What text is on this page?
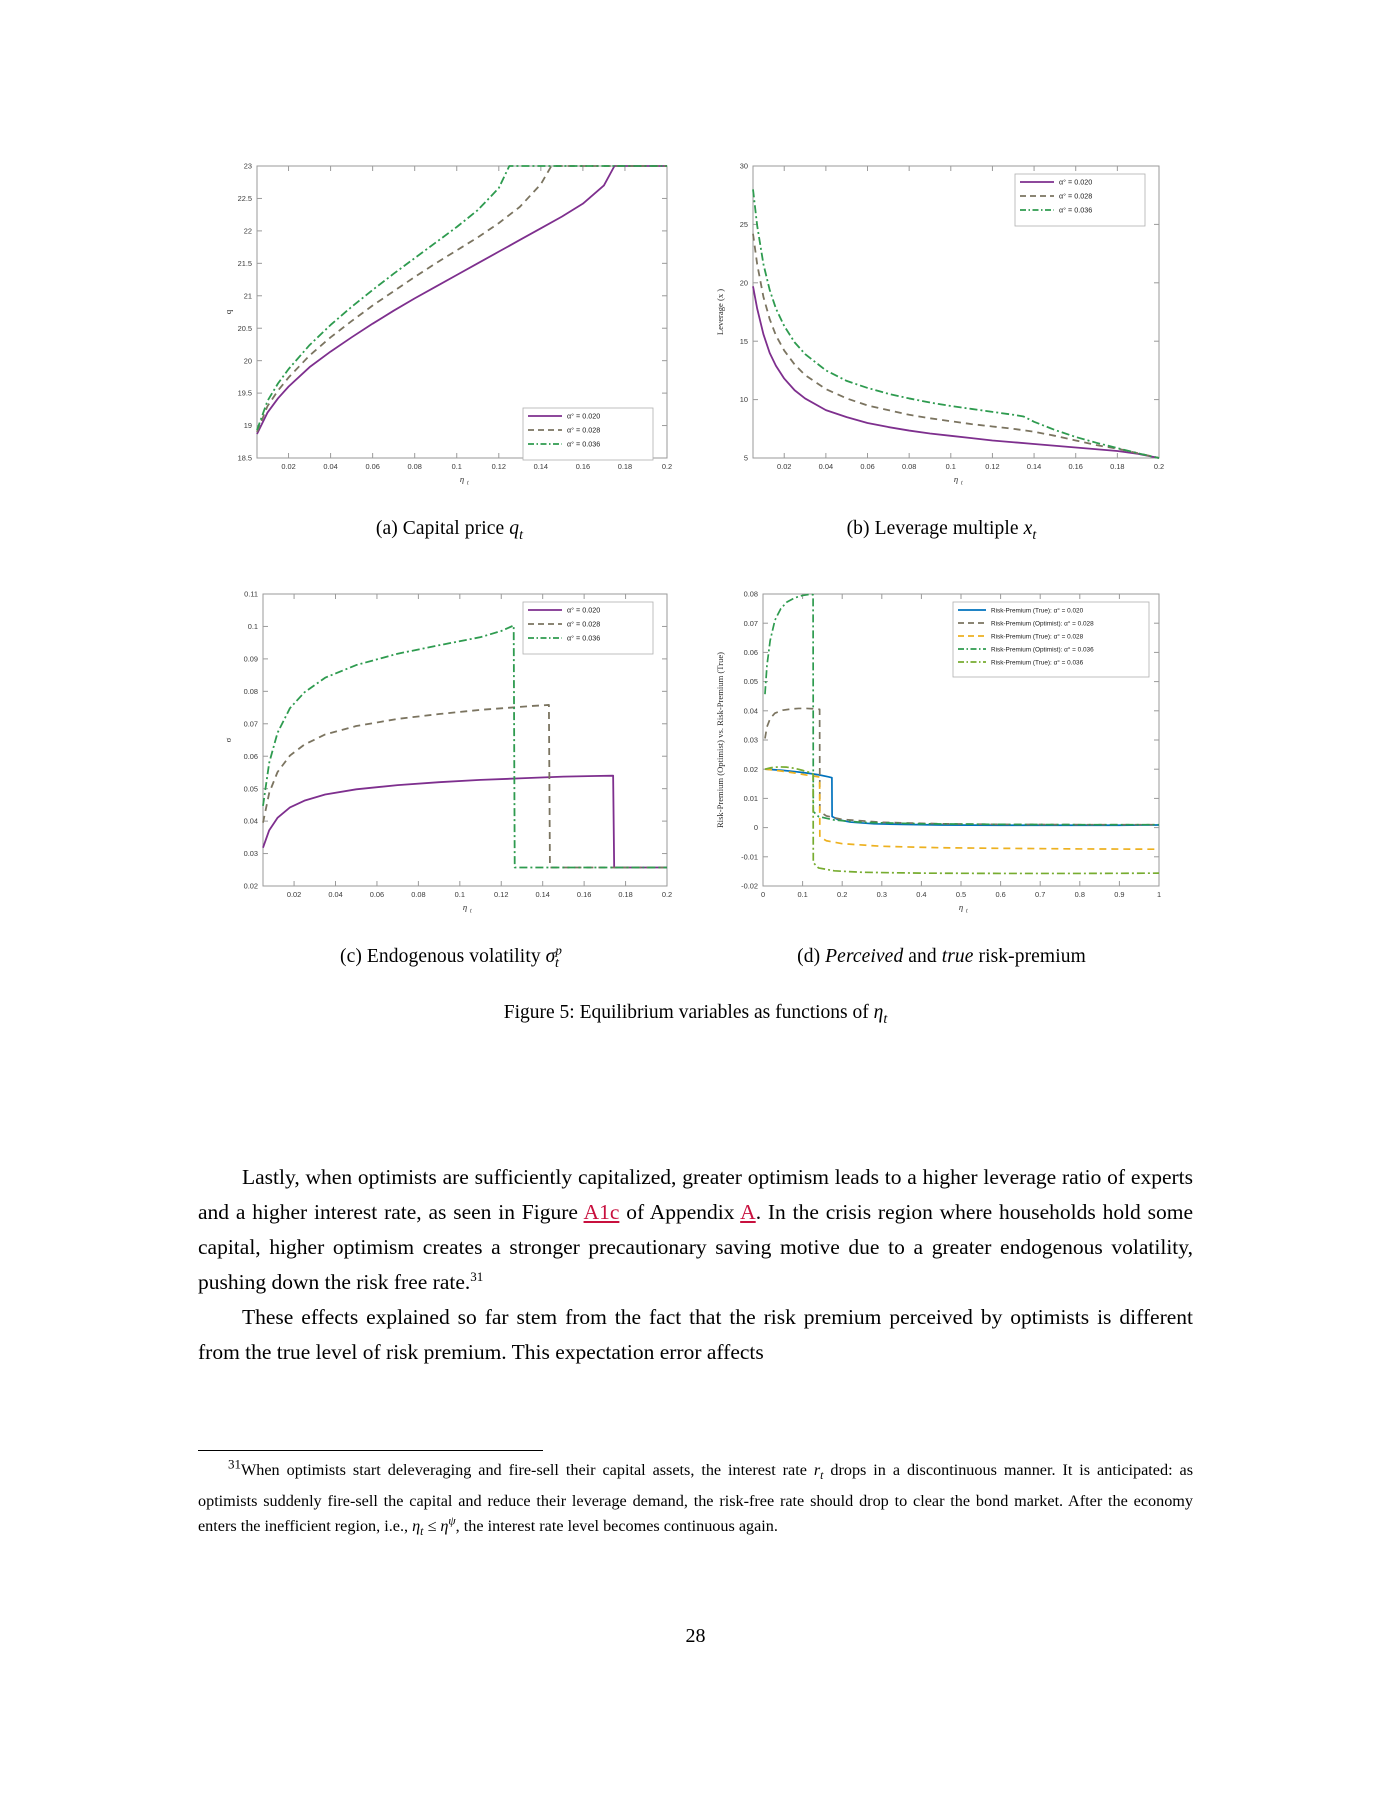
0.02	0.04	0.06	0.08	0.1	0.12	0.14	0.16	0.18	0.2
18.5
19
19.5
20
20.5
21
21.5
22
22.5
23
η t
q
α° = 0.020
α° = 0.028
α° = 0.036
(a) Capital price $q_t$
0.02	0.04	0.06	0.08	0.1	0.12	0.14	0.16	0.18	0.2
5
10
15
20
25
30
η t
Leverage (x )
α° = 0.020
α° = 0.028
α° = 0.036
(b) Leverage multiple $x_t$
0.02	0.04	0.06	0.08	0.1	0.12	0.14	0.16	0.18	0.2
0.02
0.03
0.04
0.05
0.06
0.07
0.08
0.09
0.1
0.11
η t
σ
α° = 0.020
α° = 0.028
α° = 0.036
(c) Endogenous volatility $\sigma^p_t$
0	0.1	0.2	0.3	0.4	0.5	0.6	0.7	0.8	0.9	1
-0.02
-0.01
0
0.01
0.02
0.03
0.04
0.05
0.06
0.07
0.08
η t
Risk-Premium (Optimist) vs. Risk-Premium (True)
Risk-Premium (True): α° = 0.020
Risk-Premium (Optimist): α° = 0.028
Risk-Premium (True): α° = 0.028
Risk-Premium (Optimist): α° = 0.036
Risk-Premium (True): α° = 0.036
(d) Perceived and true risk-premium
Figure 5: Equilibrium variables as functions of $\eta_t$

Lastly, when optimists are sufficiently capitalized, greater optimism leads to a higher leverage ratio of experts and a higher interest rate, as seen in Figure A1c of Appendix A. In the crisis region where households hold some capital, higher optimism creates a stronger precautionary saving motive due to a greater endogenous volatility, pushing down the risk free rate.$^{31}$

These effects explained so far stem from the fact that the risk premium perceived by optimists is different from the true level of risk premium. This expectation error affects

$^{31}$When optimists start deleveraging and fire-sell their capital assets, the interest rate $r_t$ drops in a discontinuous manner. It is anticipated: as optimists suddenly fire-sell the capital and reduce their leverage demand, the risk-free rate should drop to clear the bond market. After the economy enters the inefficient region, i.e., $\eta_t \le \eta^\psi$, the interest rate level becomes continuous again.

28
